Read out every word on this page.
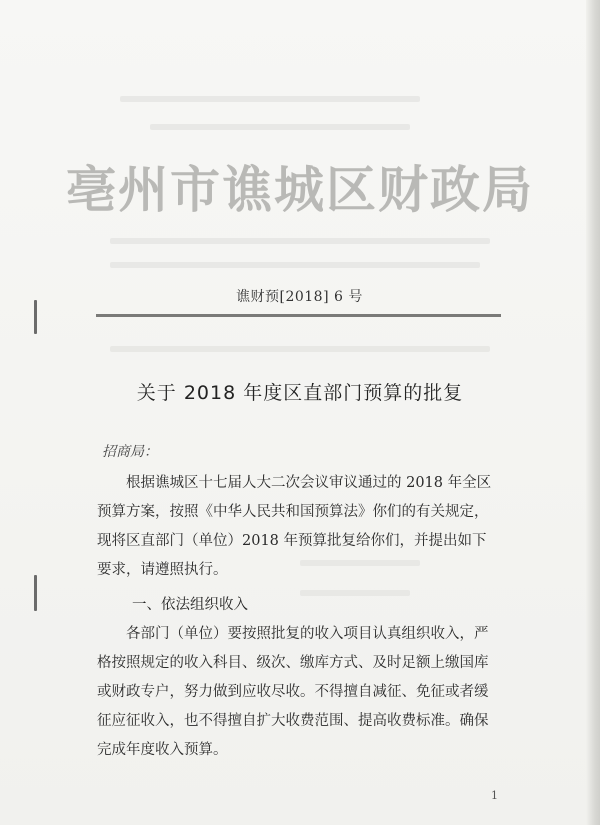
亳州市谯城区财政局
谯财预[2018] 6 号
关于 2018 年度区直部门预算的批复
招商局：
根据谯城区十七届人大二次会议审议通过的 2018 年全区预算方案，按照《中华人民共和国预算法》你们的有关规定，现将区直部门（单位）2018 年预算批复给你们，并提出如下要求，请遵照执行。
一、依法组织收入
各部门（单位）要按照批复的收入项目认真组织收入，严格按照规定的收入科目、级次、缴库方式、及时足额上缴国库或财政专户，努力做到应收尽收。不得擅自减征、免征或者缓征应征收入，也不得擅自扩大收费范围、提高收费标准。确保完成年度收入预算。
1
